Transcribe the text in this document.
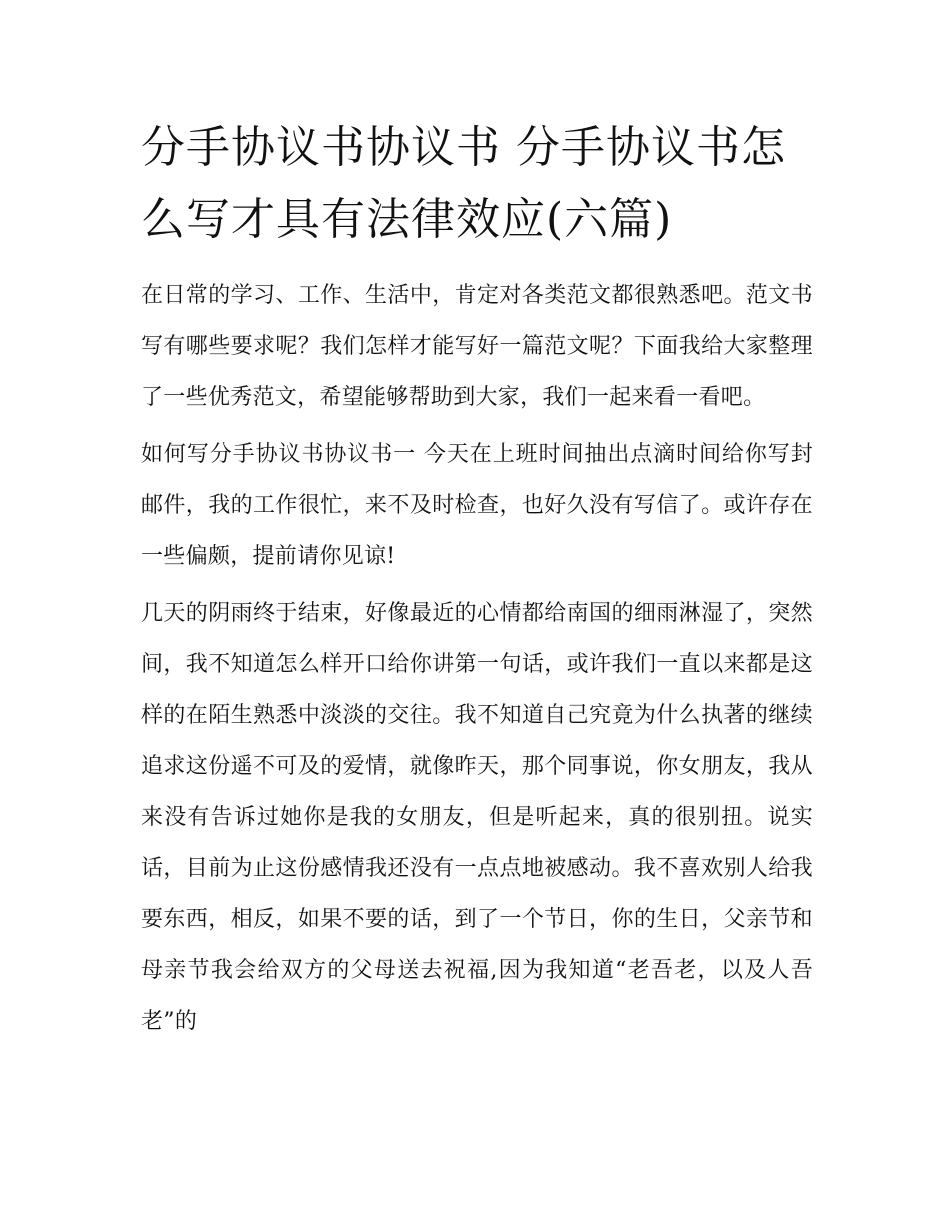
分手协议书协议书 分手协议书怎么写才具有法律效应(六篇)

在日常的学习、工作、生活中，肯定对各类范文都很熟悉吧。范文书写有哪些要求呢？我们怎样才能写好一篇范文呢？下面我给大家整理了一些优秀范文，希望能够帮助到大家，我们一起来看一看吧。

如何写分手协议书协议书一 今天在上班时间抽出点滴时间给你写封邮件，我的工作很忙，来不及时检查，也好久没有写信了。或许存在一些偏颇，提前请你见谅!

几天的阴雨终于结束，好像最近的心情都给南国的细雨淋湿了，突然间，我不知道怎么样开口给你讲第一句话，或许我们一直以来都是这样的在陌生熟悉中淡淡的交往。我不知道自己究竟为什么执著的继续追求这份遥不可及的爱情，就像昨天，那个同事说，你女朋友，我从来没有告诉过她你是我的女朋友，但是听起来，真的很别扭。说实话，目前为止这份感情我还没有一点点地被感动。我不喜欢别人给我要东西，相反，如果不要的话，到了一个节日，你的生日，父亲节和母亲节我会给双方的父母送去祝福,因为我知道“老吾老，以及人吾老”的
